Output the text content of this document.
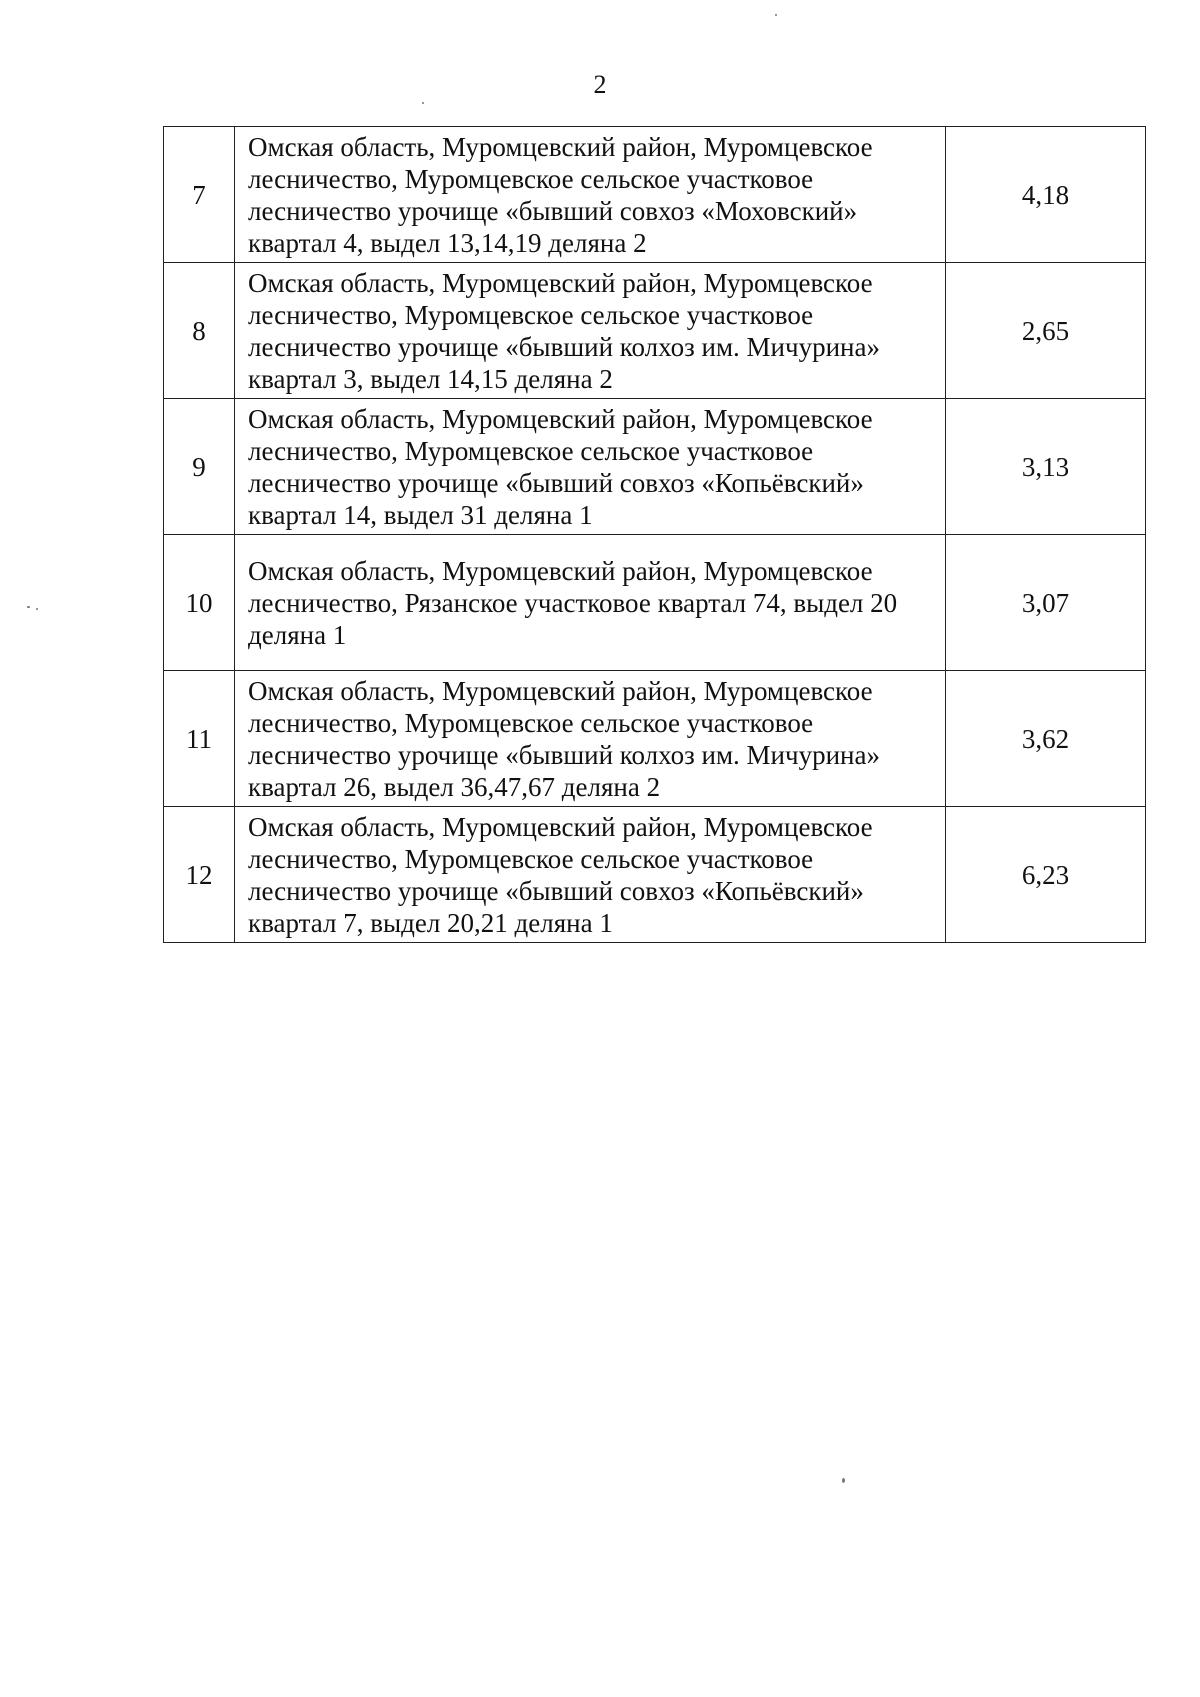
2
7	Омская область, Муромцевский район, Муромцевское лесничество, Муромцевское сельское участковое лесничество урочище «бывший совхоз «Моховский» квартал 4, выдел 13,14,19 деляна 2	4,18
8	Омская область, Муромцевский район, Муромцевское лесничество, Муромцевское сельское участковое лесничество урочище «бывший колхоз им. Мичурина» квартал 3, выдел 14,15 деляна 2	2,65
9	Омская область, Муромцевский район, Муромцевское лесничество, Муромцевское сельское участковое лесничество урочище «бывший совхоз «Копьёвский» квартал 14, выдел 31 деляна 1	3,13
10	Омская область, Муромцевский район, Муромцевское лесничество, Рязанское участковое квартал 74, выдел 20 деляна 1	3,07
11	Омская область, Муромцевский район, Муромцевское лесничество, Муромцевское сельское участковое лесничество урочище «бывший колхоз им. Мичурина» квартал 26, выдел 36,47,67 деляна 2	3,62
12	Омская область, Муромцевский район, Муромцевское лесничество, Муромцевское сельское участковое лесничество урочище «бывший совхоз «Копьёвский» квартал 7, выдел 20,21 деляна 1	6,23
